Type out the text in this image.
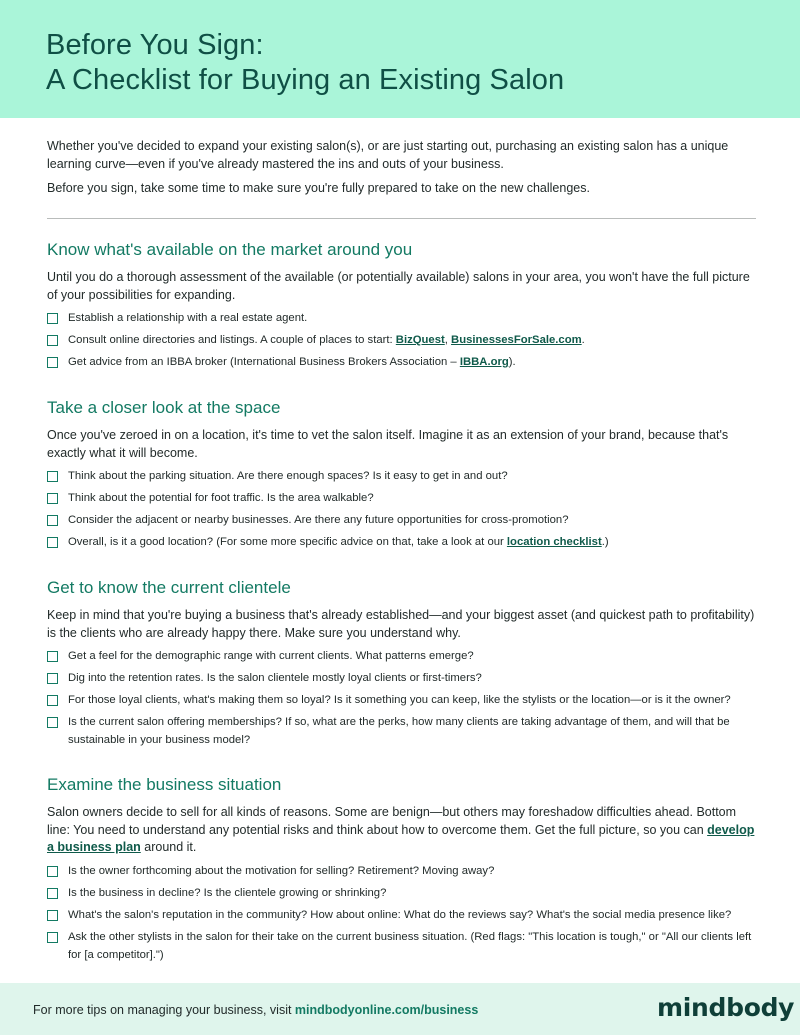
Before You Sign:
A Checklist for Buying an Existing Salon

Whether you've decided to expand your existing salon(s), or are just starting out, purchasing an existing salon has a unique learning curve—even if you've already mastered the ins and outs of your business.

Before you sign, take some time to make sure you're fully prepared to take on the new challenges.

Know what's available on the market around you

Until you do a thorough assessment of the available (or potentially available) salons in your area, you won't have the full picture of your possibilities for expanding.

Establish a relationship with a real estate agent.
Consult online directories and listings. A couple of places to start: BizQuest, BusinessesForSale.com.
Get advice from an IBBA broker (International Business Brokers Association – IBBA.org).
Take a closer look at the space

Once you've zeroed in on a location, it's time to vet the salon itself. Imagine it as an extension of your brand, because that's exactly what it will become.

Think about the parking situation. Are there enough spaces? Is it easy to get in and out?
Think about the potential for foot traffic. Is the area walkable?
Consider the adjacent or nearby businesses. Are there any future opportunities for cross-promotion?
Overall, is it a good location? (For some more specific advice on that, take a look at our location checklist.)
Get to know the current clientele

Keep in mind that you're buying a business that's already established—and your biggest asset (and quickest path to profitability) is the clients who are already happy there. Make sure you understand why.

Get a feel for the demographic range with current clients. What patterns emerge?
Dig into the retention rates. Is the salon clientele mostly loyal clients or first-timers?
For those loyal clients, what's making them so loyal? Is it something you can keep, like the stylists or the location—or is it the owner?
Is the current salon offering memberships? If so, what are the perks, how many clients are taking advantage of them, and will that be sustainable in your business model?
Examine the business situation

Salon owners decide to sell for all kinds of reasons. Some are benign—but others may foreshadow difficulties ahead. Bottom line: You need to understand any potential risks and think about how to overcome them. Get the full picture, so you can develop a business plan around it.

Is the owner forthcoming about the motivation for selling? Retirement? Moving away?
Is the business in decline? Is the clientele growing or shrinking?
What's the salon's reputation in the community? How about online: What do the reviews say? What's the social media presence like?
Ask the other stylists in the salon for their take on the current business situation. (Red flags: "This location is tough," or "All our clients left for [a competitor].")
For more tips on managing your business, visit mindbodyonline.com/business	mindbody
